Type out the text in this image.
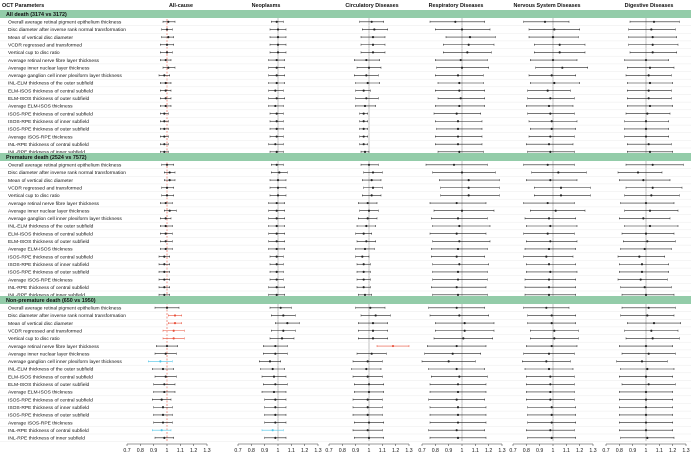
OCT Parameters	All-cause	Neoplasms	Circulatory Diseases	Respiratory Diseases	Nervous System Diseases	Digestive Diseases
All death (3174 vs 3172)
Overall average retinal pigment epithelium thickness
Disc diameter after inverse rank normal transformation
Mean of vertical disc diameter
VCDR regressed and transformed
Vertical cup to disc ratio
Average retinal nerve fibre layer thickness
Average inner nuclear layer thickness
Average ganglion cell inner plexiform layer thickness
INL-ELM thickness of the outer subfield
ELM-ISOS thickness of central subfield
ELM-ISOS thickness of outer subfield
Average ELM-ISOS thickness
ISOS-RPE thickness of central subfield
ISOS-RPE thickness of inner subfield
ISOS-RPE thickness of outer subfield
Average ISOS-RPE thickness
INL-RPE thickness of central subfield
Premature death (2524 vs 7572)
Overall average retinal pigment epithelium thickness
Disc diameter after inverse rank normal transformation
Mean of vertical disc diameter
VCDR regressed and transformed
Vertical cup to disc ratio
Average retinal nerve fibre layer thickness
Average inner nuclear layer thickness
Average ganglion cell inner plexiform layer thickness
INL-ELM thickness of the outer subfield
ELM-ISOS thickness of central subfield
ELM-ISOS thickness of outer subfield
Average ELM-ISOS thickness
ISOS-RPE thickness of central subfield
ISOS-RPE thickness of inner subfield
ISOS-RPE thickness of outer subfield
Average ISOS-RPE thickness
INL-RPE thickness of central subfield
Non-premature death (650 vs 1950)
Overall average retinal pigment epithelium thickness
Disc diameter after inverse rank normal transformation
Mean of vertical disc diameter
VCDR regressed and transformed
Vertical cup to disc ratio
Average retinal nerve fibre layer thickness
Average inner nuclear layer thickness
Average ganglion cell inner plexiform layer thickness
INL-ELM thickness of the outer subfield
ELM-ISOS thickness of central subfield
ELM-ISOS thickness of outer subfield
Average ELM-ISOS thickness
ISOS-RPE thickness of central subfield
ISOS-RPE thickness of inner subfield
ISOS-RPE thickness of outer subfield
Average ISOS-RPE thickness
INL-RPE thickness of central subfield
INL-RPE thickness of inner subfield
0.7 0.8 0.9 1 1.1 1.2 1.3	0.7 0.8 0.9 1 1.1 1.2 1.3 0.7 0.8 0.9 1 1.1 1.2 1.3 0.7 0.8 0.9 1 1.1 1.2 1.3 0.7 0.8 0.9 1 1.1 1.2 1.3 0.7 0.8 0.9 1 1.1 1.2 1.3
